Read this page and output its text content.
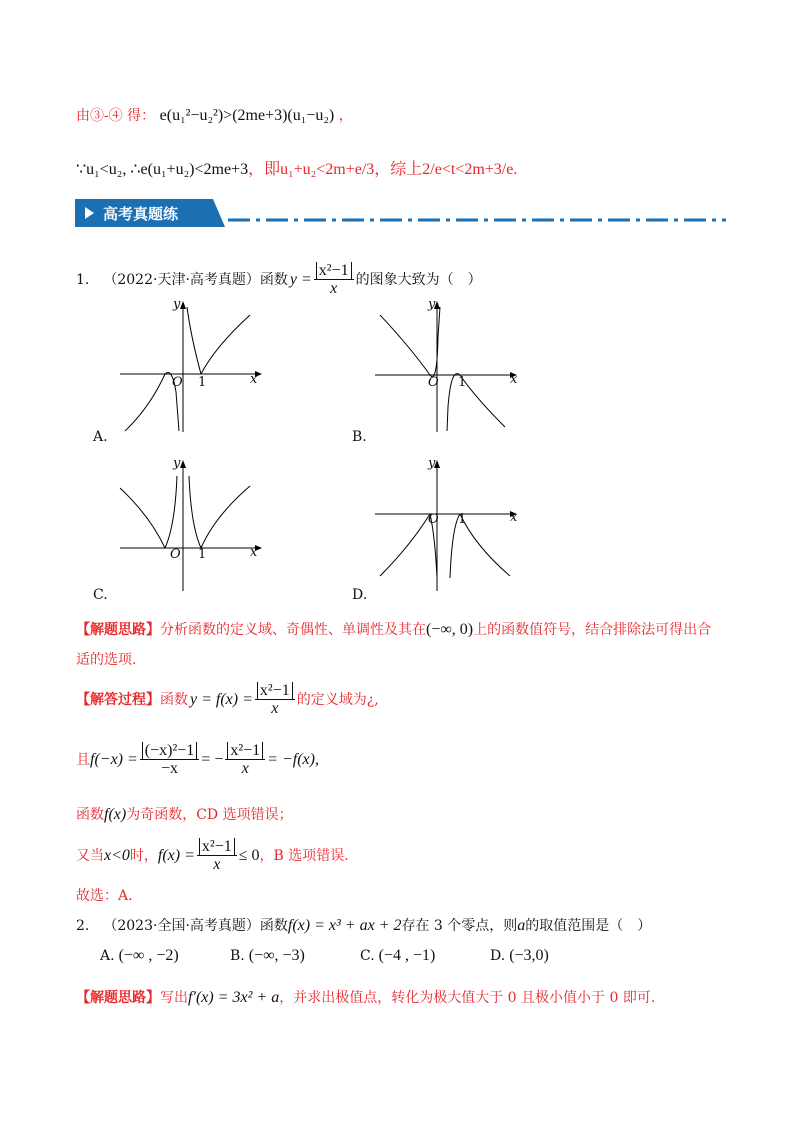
由③-④ 得： e(u₁²−u₂²)>(2me+3)(u₁−u₂) ，
∵u₁<u₂, ∴e(u₁+u₂)<2me+3，即u₁+u₂<2m+e/3，综上2/e<t<2m+3/e.
高考真题练
1. （2022·天津·高考真题）函数 $y = \frac{\text{x²−1}}{x}$ 的图象大致为（　）
y
x
O 1
A.
y
x
O 1
B.
y
x
O 1
C.
y
x
O 1
D.
【解题思路】分析函数的定义域、奇偶性、单调性及其在(−∞, 0)上的函数值符号，结合排除法可得出合
适的选项.
【解答过程】 函数 $y = f(x) = \frac{\text{x²−1}}{x}$ 的定义域为¿,
且 $f(-x) = \frac{\text{(−x)²−1}}{-x}$ = − $\frac{\text{x²−1}}{x} = -f(x)$,
函数f(x)为奇函数，CD 选项错误；
又当 x<0 时， $f(x) = \frac{\text{x²−1}}{x} \le 0$ ，B 选项错误.
故选：A.
2. （2023·全国·高考真题）函数f(x) = x³ + ax + 2存在 3 个零点，则a的取值范围是（　）
A. (−∞ , −2)	B. (−∞, −3)	C. (−4 , −1)	D. (−3,0)
【解题思路】写出f′(x) = 3x² + a，并求出极值点，转化为极大值大于 0 且极小值小于 0 即可.
